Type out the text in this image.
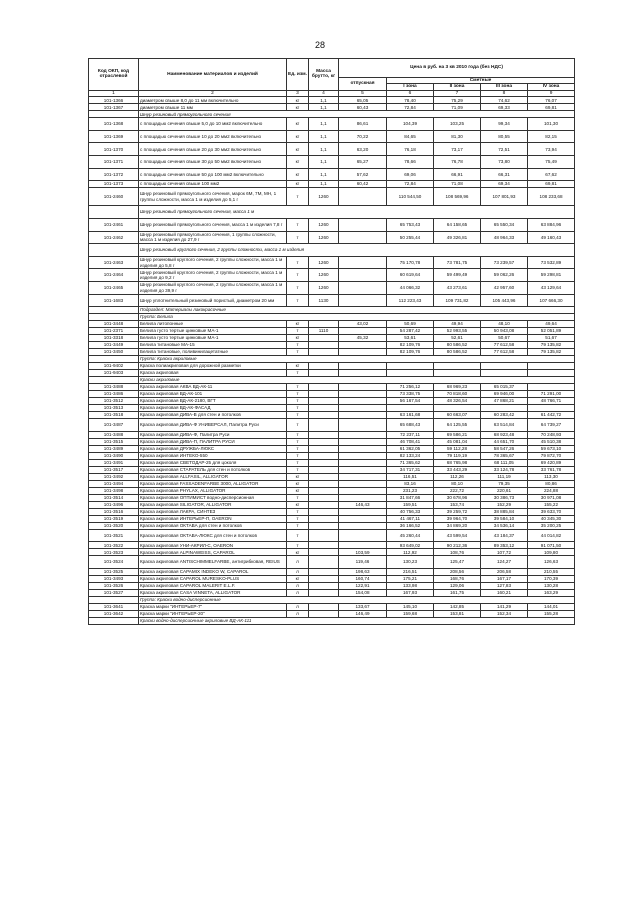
28
Код ОКП, код отраслевой	Наименование материалов и изделий	Ед. изм.	Масса брутто, кг	Цена в руб. на 3 кв 2010 года (без НДС)				
				отпускная	Сметные			
					I зона	II зона	III зона	IV зона
1	2	3	4	5	6	7	8	9
101-1366	диаметром свыше 8,0 до 11 мм включительно	кг	1,1	65,05	78,40	75,29	74,62	76,07
101-1367	диаметром свыше 11 мм	кг	1,1	60,43	72,84	71,09	69,33	69,81
	Шнур резиновый прямоугольного сечения							
101-1368	с площадью сечения свыше 5,0 до 10 мм2 включительно	кг	1,1	86,61	104,39	103,25	99,34	101,30
101-1369	с площадью сечения свыше 10 до 20 мм2 включительно	кг	1,1	70,22	84,65	81,30	80,55	82,15
101-1370	с площадью сечения свыше 20 до 30 мм2 включительно	кг	1,1	63,20	76,18	73,17	72,51	73,94
101-1371	с площадью сечения свыше 30 до 50 мм2 включительно	кг	1,1	65,27	78,66	76,78	73,80	75,49
101-1372	с площадью сечения свыше 50 до 100 мм2 включительно	кг	1,1	57,62	69,06	66,91	66,31	67,62
101-1373	с площадью сечения свыше 100 мм2	кг	1,1	60,42	72,84	71,08	69,34	69,81
101-2460	Шнур резиновый прямоугольного сечения, марок 6М, 7М, МН, 1 группы сложности, масса 1 м изделия до 5,1 г	т	1260		110 544,50	108 569,96	107 801,93	108 233,68
	Шнур резиновый прямоугольного сечения, масса 1 м							
101-2461	Шнур резиновый прямоугольного сечения, масса 1 м изделия 7,8 г	т	1260		65 753,43	64 158,65	65 550,34	63 884,96
101-2462	Шнур резиновый прямоугольного сечения, 1 группы сложности, масса 1 м изделия до 27,9 г	т	1260		50 255,44	49 326,81	48 964,33	49 160,43
	Шнур резиновый круглого сечения, 2 группы сложности, масса 1 м изделия							
101-2463	Шнур резиновый круглого сечения, 2 группы сложности, масса 1 м изделия до 5,8 г	т	1260		75 170,78	73 781,75	73 239,57	73 532,89
101-2464	Шнур резиновый круглого сечения, 2 группы сложности, масса 1 м изделия до 9,2 г	т	1260		60 619,64	59 499,49	59 062,26	59 298,81
101-2465	Шнур резиновый круглого сечения, 2 группы сложности, масса 1 м изделия до 39,9 г	т	1260		44 066,32	43 273,61	42 957,60	43 129,64
101-1683	Шнур уплотнительный резиновый пористый, диаметром 20 мм	т	1130		112 223,43	109 731,82	105 443,96	107 666,30
	Подраздел: Материалы лакокрасочные							
	Группа: Белила							
101-3448	Белила литопонные	кг		43,02	50,69	49,94	48,10	49,64
101-2371	Белила густо тертые цинковые МА-1	т	1110		54 287,42	52 993,55	50 943,08	52 051,89
101-3318	Белила густо тертые цинковые МА-1	кг		45,32	53,61	52,61	50,67	51,67
101-3449	Белила титановые МА-15	т			82 109,76	80 586,52	77 612,58	79 135,82
101-3450	Белила титановые, поливинилацетатные	т			82 109,76	80 586,52	77 612,58	79 135,82
	Группа: Краски акриловые							
101-9402	Краска полиакриловая для дорожной разметки	кг						
101-9403	Краска акриловая	т						
	Краски акриловые							
101-3488	Краска акриловая АКВА ВД-АК-11	т			71 256,12	68 969,23	65 015,37	
101-3486	Краска акриловая ВД-АК-101	т			73 338,75	70 818,60	69 946,00	71 291,00
101-3512	Краска акриловая ВД-АК-2180, ВГТ	т			56 167,54	48 326,54	47 868,21	48 766,71
101-3513	Краска акриловая ВД-АК-ФАСАД	т						
101-3518	Краска акриловая ДИВА-В для стен и потолков	т			63 161,68	60 663,07	60 283,42	61 442,72
101-3487	Краска акриловая ДИВА-Ф УНИВЕРСАЛ, Палитра Руси	т			65 688,43	64 125,55	63 514,84	64 739,27
101-3488	Краска акриловая ДИВА-Ф, Палитра Руси	т			72 237,11	69 586,21	68 923,48	70 248,93
101-3515	Краска акриловая ДИВА-П, ПАЛИТРА РУСИ	т			46 708,41	45 081,04	44 651,70	45 510,38
101-3489	Краска акриловая ДРУЖБА-ЛЮКС	т			61 362,05	59 112,28	58 547,26	59 673,10
101-3490	Краска акриловая ИНТЕКО-550	т			82 133,24	79 119,19	78 365,67	79 872,70
101-3491	Краска акриловая СВЕТОДАР-25 для цоколя	т			71 365,62	68 765,98	68 111,05	69 420,89
101-3517	Краска акриловая СТАРАТЕЛЬ для стен и потолков	т			34 717,31	33 443,29	33 124,78	33 761,78
101-3492	Краска акриловая ALLFASIL, ALLIGATOR	кг			116,51	112,26	111,19	113,30
101-3494	Краска акриловая FASSADENFARBE 3000, ALLIGATOR	кг			83,16	80,10	79,35	80,86
101-3498	Краска акриловая PHYLAX, ALLIGATOR	кг			231,23	222,72	220,61	224,88
101-3514	Краска акриловая ОПТИМИСТ водно-дисперсионная	т			31 847,66	30 678,96	30 386,73	30 971,08
101-3496	Краска акриловая SILIGATOR, ALLIGATOR	кг		146,43	159,51	153,74	152,29	155,22
101-3516	Краска акриловая ЛАКРА, СИНТЕЗ	т			40 756,33	39 259,72	38 885,84	39 633,70
101-3519	Краска акриловая ИНТЕРЬЕР-П, ОАЕRON	т			41 467,11	39 964,70	39 584,10	40 345,30
101-3520	Краска акриловая ОКТАВА для стен и потолков	т			36 166,52	34 869,20	34 536,14	35 200,25
101-3521	Краска акриловая ОКТАВА-ЛЮКС для стен и потолков	т			45 260,44	43 599,54	43 184,37	44 014,82
101-3522	Краска акриловая УНИ-АКРИЛ-С, ОАЕRON	т			93 649,02	90 212,36	89 353,12	91 071,50
101-3523	Краска акриловая ALPINAWEISS, CAPAROL	кг		103,59	112,92	108,76	107,72	109,80
101-3524	Краска акриловая ANTISCHIMMELFARBE, антигрибковая, REIUS	л		119,46	130,23	125,47	124,27	126,63
101-3525	Краска акриловая CAPAMIX INDEKO W, CAPAROL	л		198,63	216,51	208,56	206,58	210,55
101-3493	Краска акриловая CAPAROL MURESKO-PLUS	кг		160,74	175,21	168,76	167,17	170,39
101-3526	Краска акриловая CAPAROL MALERIT E.L.F.	л		122,91	133,98	129,06	127,83	130,28
101-3527	Краска акриловая CASA VINNETA, ALLIGATOR	л		154,08	167,93	161,75	160,21	163,29
	Группа: Краски водно-дисперсионные							
101-3641	Краска марки "ИНТЕРЬЕР-7"	л		133,67	145,10	142,85	141,29	144,01
101-3642	Краска марки "ИНТЕРЬЕР-20"	л		146,49	159,68	153,81	152,34	155,28
	Краски водно-дисперсионные акриловые ВД-АК-111							
